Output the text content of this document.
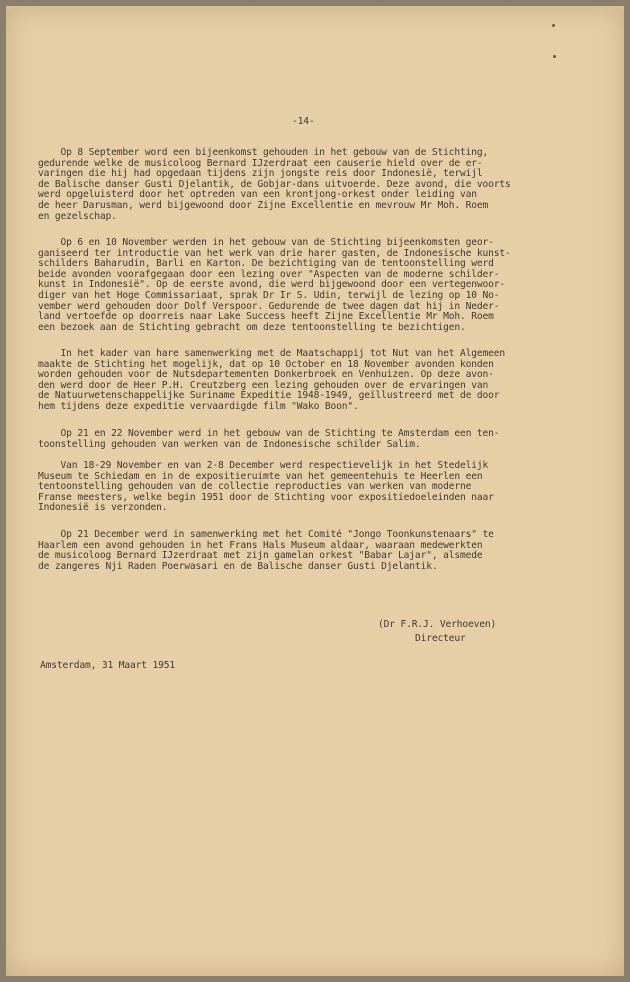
-14-
Op 8 September word een bijeenkomst gehouden in het gebouw van de Stichting,
gedurende welke de musicoloog Bernard IJzerdraat een causerie hield over de er-
varingen die hij had opgedaan tijdens zijn jongste reis door Indonesië, terwijl
de Balische danser Gusti Djelantik, de Gobjar-dans uitvoerde. Deze avond, die voorts
werd opgeluisterd door het optreden van een krontjong-orkest onder leiding van
de heer Darusman, werd bijgewoond door Zijne Excellentie en mevrouw Mr Moh. Roem
en gezelschap.
Op 6 en 10 November werden in het gebouw van de Stichting bijeenkomsten geor-
ganiseerd ter introductie van het werk van drie harer gasten, de Indonesische kunst-
schilders Baharudin, Barli en Karton. De bezichtiging van de tentoonstelling werd
beide avonden voorafgegaan door een lezing over "Aspecten van de moderne schilder-
kunst in Indonesië". Op de eerste avond, die werd bijgewoond door een vertegenwoor-
diger van het Hoge Commissariaat, sprak Dr Ir S. Udin, terwijl de lezing op 10 No-
vember werd gehouden door Dolf Verspoor. Gedurende de twee dagen dat hij in Neder-
land vertoefde op doorreis naar Lake Success heeft Zijne Excellentie Mr Moh. Roem
een bezoek aan de Stichting gebracht om deze tentoonstelling te bezichtigen.
In het kader van hare samenwerking met de Maatschappij tot Nut van het Algemeen
maakte de Stichting het mogelijk, dat op 10 October en 18 November avonden konden
worden gehouden voor de Nutsdepartementen Donkerbroek en Venhuizen. Op deze avon-
den werd door de Heer P.H. Creutzberg een lezing gehouden over de ervaringen van
de Natuurwetenschappelijke Suriname Expeditie 1948-1949, geïllustreerd met de door
hem tijdens deze expeditie vervaardigde film "Wako Boon".
Op 21 en 22 November werd in het gebouw van de Stichting te Amsterdam een ten-
toonstelling gehouden van werken van de Indonesische schilder Salim.
Van 18-29 November en van 2-8 December werd respectievelijk in het Stedelijk
Museum te Schiedam en in de expositieruimte van het gemeentehuis te Heerlen een
tentoonstelling gehouden van de collectie reproducties van werken van moderne
Franse meesters, welke begin 1951 door de Stichting voor expositiedoeleinden naar
Indonesië is verzonden.
Op 21 December werd in samenwerking met het Comité "Jongo Toonkunstenaars" te
Haarlem een avond gehouden in het Frans Hals Museum aldaar, waaraan medewerkten
de musicoloog Bernard IJzerdraat met zijn gamelan orkest "Babar Lajar", alsmede
de zangeres Nji Raden Poerwasari en de Balische danser Gusti Djelantik.
(Dr F.R.J. Verhoeven)
Directeur
Amsterdam, 31 Maart 1951
